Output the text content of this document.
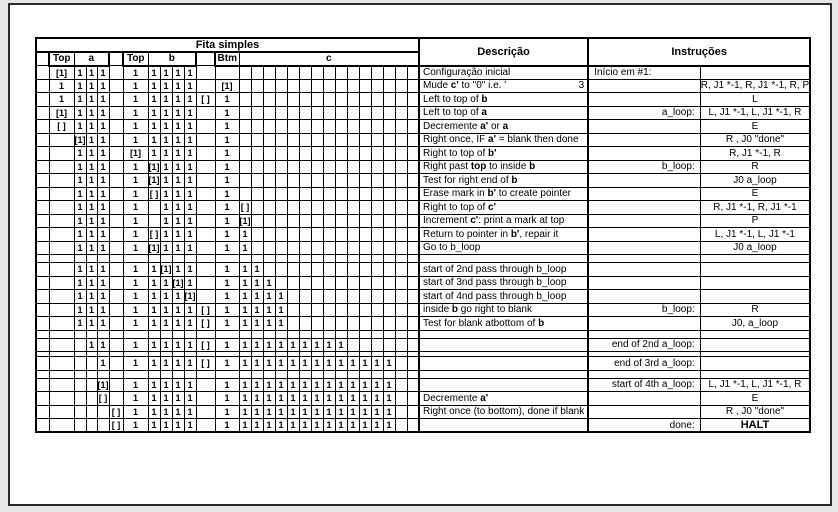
Fita simples																												Descrição	Instruções	
	Top	a				Top	b					Btm	c																	
	[1]	1	1	1		1	1	1	1	1																		Configuração inicial	Início em #1:	
	1	1	1	1		1	1	1	1	1		[1]																Mude c' to "0" i.e. ' 3		R, J1 *-1, R, J1 *-1, R, P
	1	1	1	1		1	1	1	1	1	[ ]	1																Left to top of b		L
	[1]	1	1	1		1	1	1	1	1		1																Left to top of a	a_loop:	L, J1 *-1, L, J1 *-1, R
	[ ]	1	1	1		1	1	1	1	1		1																Decremente a' or a		E
		[1]	1	1		1	1	1	1	1		1																Right once, IF a' = blank then done		R , J0 "done"
		1	1	1		[1]	1	1	1	1		1																Right to top of b'		R, J1 *-1, R
		1	1	1		1	[1]	1	1	1		1																Right past top to inside b	b_loop:	R
		1	1	1		1	[1]	1	1	1		1																Test for right end of b		J0 a_loop
		1	1	1		1	[ ]	1	1	1		1																Erase mark in b' to create pointer		E
		1	1	1		1		1	1	1		1	[ ]															Right to top of c'		R, J1 *-1, R, J1 *-1
		1	1	1		1		1	1	1		1	[1]															Increment c': print a mark at top		P
		1	1	1		1	[ ]	1	1	1		1	1															Return to pointer in b', repair it		L, J1 *-1, L, J1 *-1
		1	1	1		1	[1]	1	1	1		1	1															Go to b_loop		J0 a_loop

		1	1	1		1	1	[1]	1	1		1	1	1														start of 2nd pass through b_loop		
		1	1	1		1	1	1	[1]	1		1	1	1	1													start of 3nd pass through b_loop		
		1	1	1		1	1	1	1	[1]		1	1	1	1	1												start of 4nd pass through b_loop		
		1	1	1		1	1	1	1	1	[ ]	1	1	1	1	1												inside b go right to blank	b_loop:	R
		1	1	1		1	1	1	1	1	[ ]	1	1	1	1	1												Test for blank atbottom of b		J0, a_loop

			1	1		1	1	1	1	1	[ ]	1	1	1	1	1	1	1	1	1	1								end of 2nd a_loop:	

				1		1	1	1	1	1	[ ]	1	1	1	1	1	1	1	1	1	1	1	1	1	1				end of 3rd a_loop:	

				[1]		1	1	1	1	1		1	1	1	1	1	1	1	1	1	1	1	1	1	1				start of 4th a_loop:	L, J1 *-1, L, J1 *-1, R
				[ ]		1	1	1	1	1		1	1	1	1	1	1	1	1	1	1	1	1	1	1			Decremente a'		E
					[ ]	1	1	1	1	1		1	1	1	1	1	1	1	1	1	1	1	1	1	1			Right once (to bottom), done if blank		R , J0 "done"
					[ ]	1	1	1	1	1		1	1	1	1	1	1	1	1	1	1	1	1	1	1				done:	HALT
